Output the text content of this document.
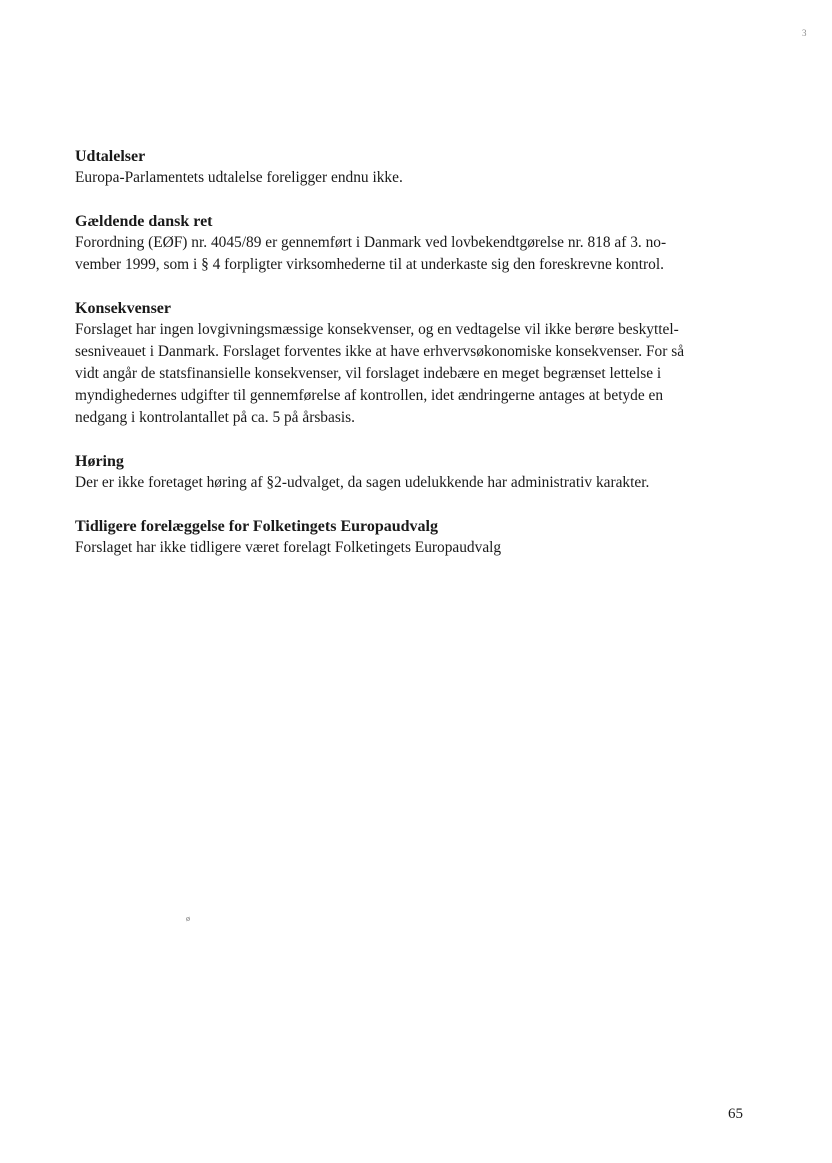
3

Udtalelser

Europa-Parlamentets udtalelse foreligger endnu ikke.

Gældende dansk ret

Forordning (EØF) nr. 4045/89 er gennemført i Danmark ved lovbekendtgørelse nr. 818 af 3. no-

vember 1999, som i § 4 forpligter virksomhederne til at underkaste sig den foreskrevne kontrol.

Konsekvenser

Forslaget har ingen lovgivningsmæssige konsekvenser, og en vedtagelse vil ikke berøre beskyttel-

sesniveauet i Danmark. Forslaget forventes ikke at have erhvervsøkonomiske konsekvenser. For så

vidt angår de statsfinansielle konsekvenser, vil forslaget indebære en meget begrænset lettelse i

myndighedernes udgifter til gennemførelse af kontrollen, idet ændringerne antages at betyde en

nedgang i kontrolantallet på ca. 5 på årsbasis.

Høring

Der er ikke foretaget høring af §2-udvalget, da sagen udelukkende har administrativ karakter.

Tidligere forelæggelse for Folketingets Europaudvalg

Forslaget har ikke tidligere været forelagt Folketingets Europaudvalg

ø
65
